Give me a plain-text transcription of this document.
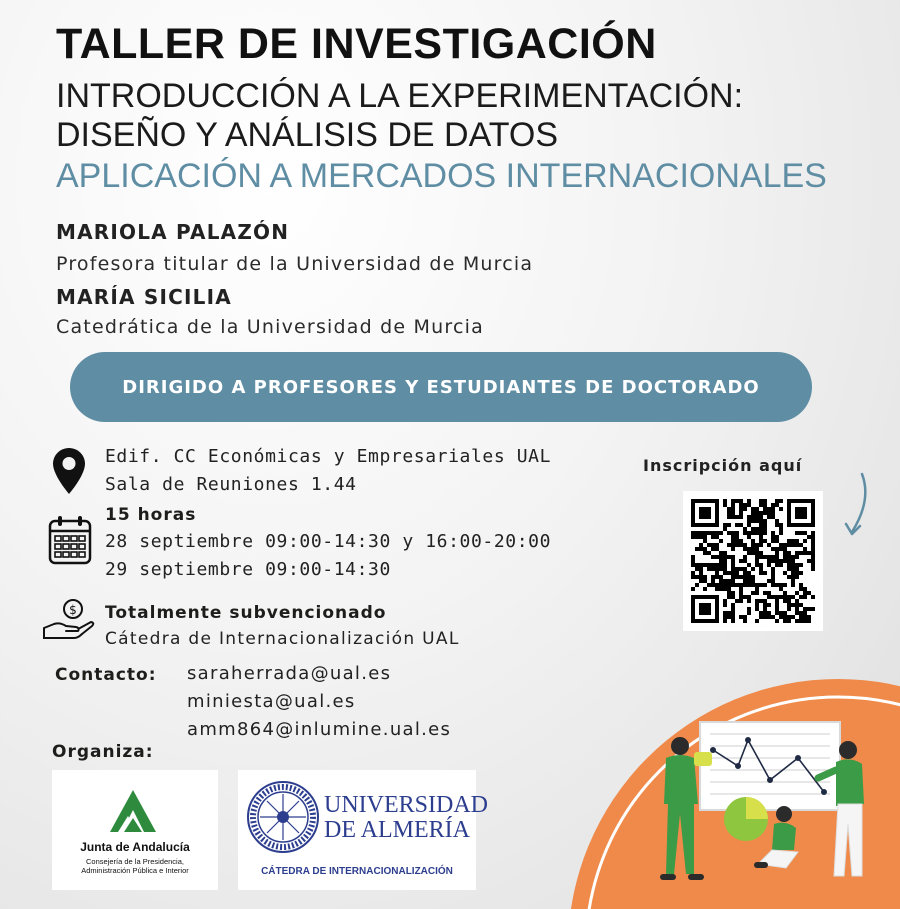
TALLER DE INVESTIGACIÓN
INTRODUCCIÓN A LA EXPERIMENTACIÓN:
DISEÑO Y ANÁLISIS DE DATOS
APLICACIÓN A MERCADOS INTERNACIONALES
MARIOLA PALAZÓN
Profesora titular de la Universidad de Murcia
MARÍA SICILIA
Catedrática de la Universidad de Murcia
DIRIGIDO A PROFESORES Y ESTUDIANTES DE DOCTORADO
Edif. CC Económicas y Empresariales UAL
Sala de Reuniones 1.44
15 horas
28 septiembre 09:00-14:30 y 16:00-20:00
29 septiembre 09:00-14:30
$ Totalmente subvencionado
Cátedra de Internacionalización UAL
Contacto: saraherrada@ual.es
miniesta@ual.es
amm864@inlumine.ual.es
Organiza:
Junta de Andalucía
Consejería de la Presidencia,
Administración Pública e Interior
UNIVERSIDAD
DE ALMERÍA
CÁTEDRA DE INTERNACIONALIZACIÓN
Inscripción aquí
